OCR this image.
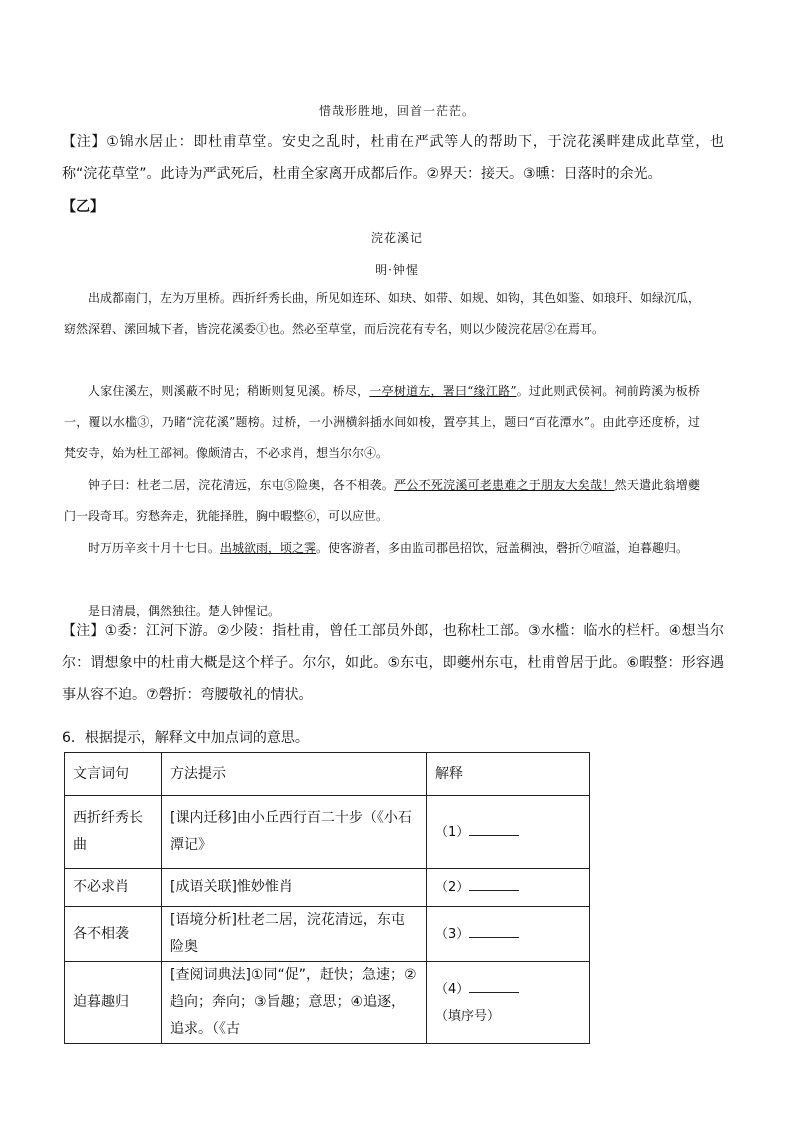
惜哉形胜地，回首一茫茫。
【注】①锦水居止：即杜甫草堂。安史之乱时，杜甫在严武等人的帮助下，于浣花溪畔建成此草堂，也称“浣花草堂”。此诗为严武死后，杜甫全家离开成都后作。②界天：接天。③曛：日落时的余光。
【乙】
浣花溪记
明·钟惺
出成都南门，左为万里桥。西折纤秀长曲，所见如连环、如玦、如带、如规、如钩，其色如鉴、如琅玕、如绿沉瓜，窈然深碧、潆回城下者，皆浣花溪委①也。然必至草堂，而后浣花有专名，则以少陵浣花居②在焉耳。
人家住溪左，则溪蔽不时见；稍断则复见溪。桥尽，一亭树道左，署曰“缘江路”。过此则武侯祠。祠前跨溪为板桥一，覆以水槛③，乃睹“浣花溪”题榜。过桥，一小洲横斜插水间如梭，置亭其上，题曰“百花潭水”。由此亭还度桥，过梵安寺，始为杜工部祠。像颇清古，不必求肖，想当尔尔④。
钟子曰：杜老二居，浣花清远，东屯⑤险奥，各不相袭。严公不死浣溪可老患难之于朋友大矣哉！然天遣此翁增夔门一段奇耳。穷愁奔走，犹能择胜，胸中暇整⑥，可以应世。
时万历辛亥十月十七日。出城欲雨，顷之霁。使客游者，多由监司郡邑招饮，冠盖稠浊，磬折⑦喧溢，迫暮趣归。
是日清晨，偶然独往。楚人钟惺记。
【注】①委：江河下游。②少陵：指杜甫，曾任工部员外郎，也称杜工部。③水槛：临水的栏杆。④想当尔尔：谓想象中的杜甫大概是这个样子。尔尔，如此。⑤东屯，即夔州东屯，杜甫曾居于此。⑥暇整：形容遇事从容不迫。⑦磬折：弯腰敬礼的情状。
6．根据提示，解释文中加点词的意思。
文言词句	方法提示	解释
西折纤秀长曲	[课内迁移]由小丘西行百二十步（《小石潭记》	（1）
不必求肖	[成语关联]惟妙惟肖	（2）
各不相袭	[语境分析]杜老二居，浣花清远，东屯险奥	（3）
迫暮趣归	[查阅词典法]①同“促”，赶快；急速；②趋向；奔向；③旨趣；意思；④追逐，追求。（《古	（4）（填序号）
